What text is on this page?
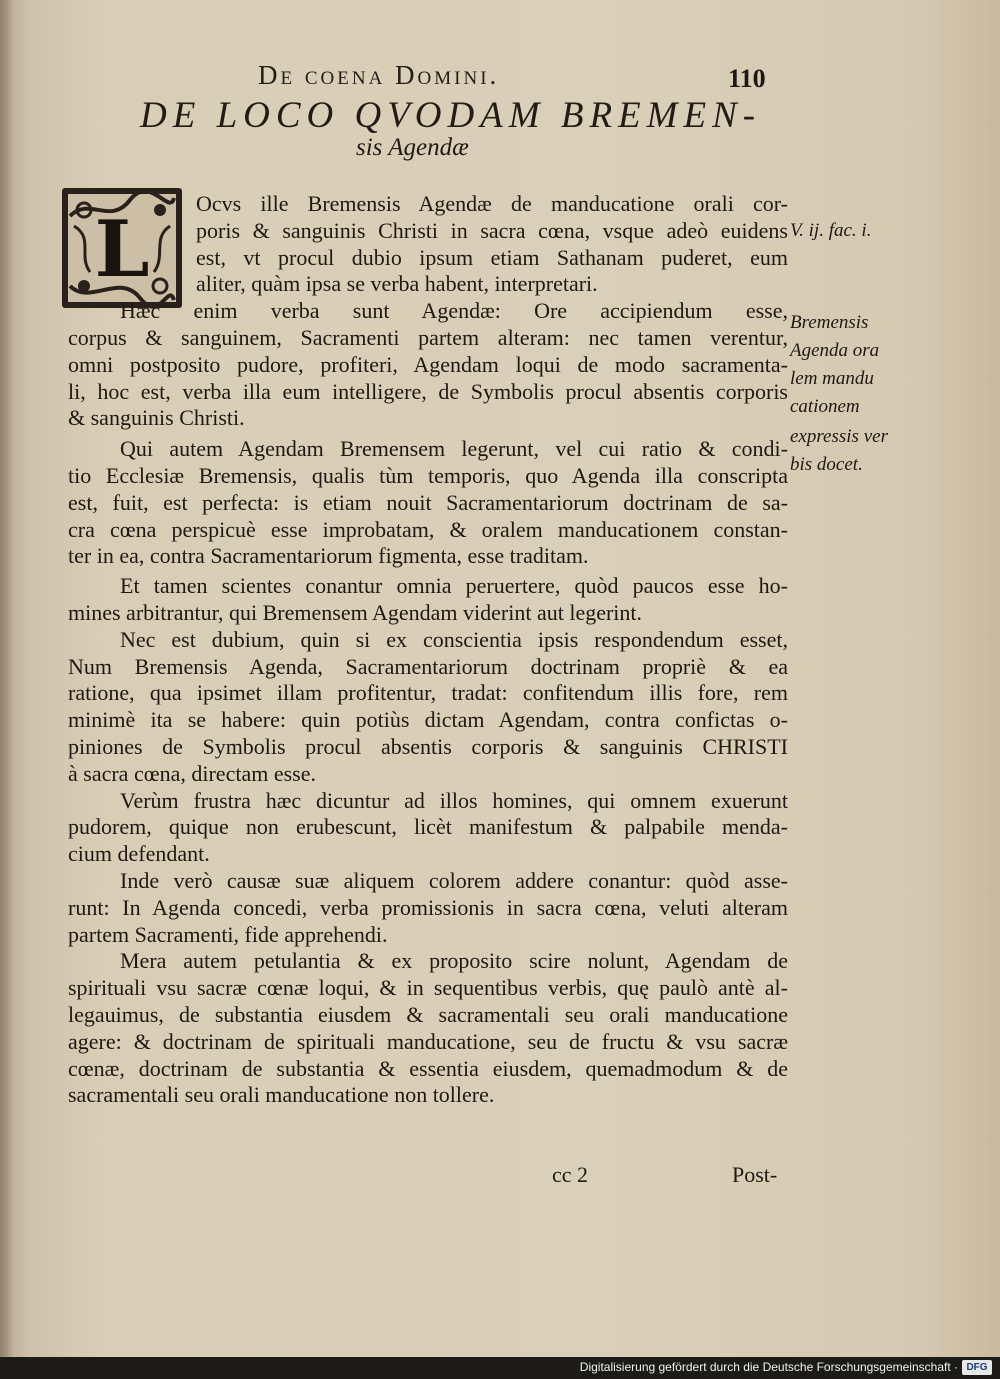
De coena Domini.	110
DE LOCO QVODAM BREMEN-
sis Agendæ
L
Ocvs ille Bremensis Agendæ de manducatione orali cor-
poris & sanguinis Christi in sacra cœna, vsque adeò euidens
est, vt procul dubio ipsum etiam Sathanam puderet, eum
aliter, quàm ipsa se verba habent, interpretari.
Hæc enim verba sunt Agendæ: Ore accipiendum esse,
corpus & sanguinem, Sacramenti partem alteram: nec tamen verentur,
omni postposito pudore, profiteri, Agendam loqui de modo sacramenta-
li, hoc est, verba illa eum intelligere, de Symbolis procul absentis corporis
& sanguinis Christi.
Qui autem Agendam Bremensem legerunt, vel cui ratio & condi-
tio Ecclesiæ Bremensis, qualis tùm temporis, quo Agenda illa conscripta
est, fuit, est perfecta: is etiam nouit Sacramentariorum doctrinam de sa-
cra cœna perspicuè esse improbatam, & oralem manducationem constan-
ter in ea, contra Sacramentariorum figmenta, esse traditam.
Et tamen scientes conantur omnia peruertere, quòd paucos esse ho-
mines arbitrantur, qui Bremensem Agendam viderint aut legerint.
Nec est dubium, quin si ex conscientia ipsis respondendum esset,
Num Bremensis Agenda, Sacramentariorum doctrinam propriè & ea
ratione, qua ipsimet illam profitentur, tradat: confitendum illis fore, rem
minimè ita se habere: quin potiùs dictam Agendam, contra confictas o-
piniones de Symbolis procul absentis corporis & sanguinis CHRISTI
à sacra cœna, directam esse.
Verùm frustra hæc dicuntur ad illos homines, qui omnem exuerunt
pudorem, quique non erubescunt, licèt manifestum & palpabile menda-
cium defendant.
Inde verò causæ suæ aliquem colorem addere conantur: quòd asse-
runt: In Agenda concedi, verba promissionis in sacra cœna, veluti alteram
partem Sacramenti, fide apprehendi.
Mera autem petulantia & ex proposito scire nolunt, Agendam de
spirituali vsu sacræ cœnæ loqui, & in sequentibus verbis, quę paulò antè al-
legauimus, de substantia eiusdem & sacramentali seu orali manducatione
agere: & doctrinam de spirituali manducatione, seu de fructu & vsu sacræ
cœnæ, doctrinam de substantia & essentia eiusdem, quemadmodum & de
sacramentali seu orali manducatione non tollere.
V. ij. fac. i.
Bremensis
Agenda ora
lem mandu
cationem
expressis ver
bis docet.
cc 2	Post-
Digitalisierung gefördert durch die Deutsche Forschungsgemeinschaft · DFG
